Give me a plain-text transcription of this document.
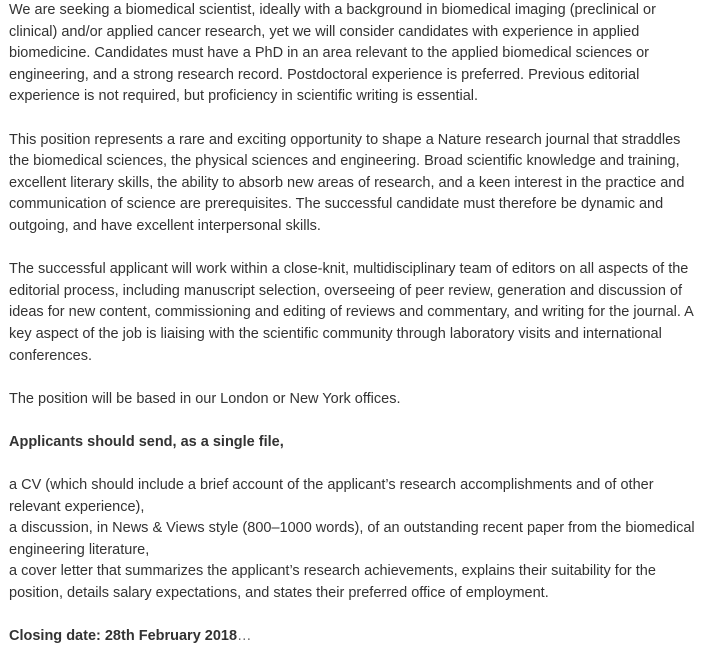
We are seeking a biomedical scientist, ideally with a background in biomedical imaging (preclinical or clinical) and/or applied cancer research, yet we will consider candidates with experience in applied biomedicine. Candidates must have a PhD in an area relevant to the applied biomedical sciences or engineering, and a strong research record. Postdoctoral experience is preferred. Previous editorial experience is not required, but proficiency in scientific writing is essential.

This position represents a rare and exciting opportunity to shape a Nature research journal that straddles the biomedical sciences, the physical sciences and engineering. Broad scientific knowledge and training, excellent literary skills, the ability to absorb new areas of research, and a keen interest in the practice and communication of science are prerequisites. The successful candidate must therefore be dynamic and outgoing, and have excellent interpersonal skills.

The successful applicant will work within a close-knit, multidisciplinary team of editors on all aspects of the editorial process, including manuscript selection, overseeing of peer review, generation and discussion of ideas for new content, commissioning and editing of reviews and commentary, and writing for the journal. A key aspect of the job is liaising with the scientific community through laboratory visits and international conferences.

The position will be based in our London or New York offices.

Applicants should send, as a single file,

a CV (which should include a brief account of the applicant’s research accomplishments and of other relevant experience),

a discussion, in News & Views style (800–1000 words), of an outstanding recent paper from the biomedical engineering literature,

a cover letter that summarizes the applicant’s research achievements, explains their suitability for the position, details salary expectations, and states their preferred office of employment.

Closing date: 28th February 2018…
